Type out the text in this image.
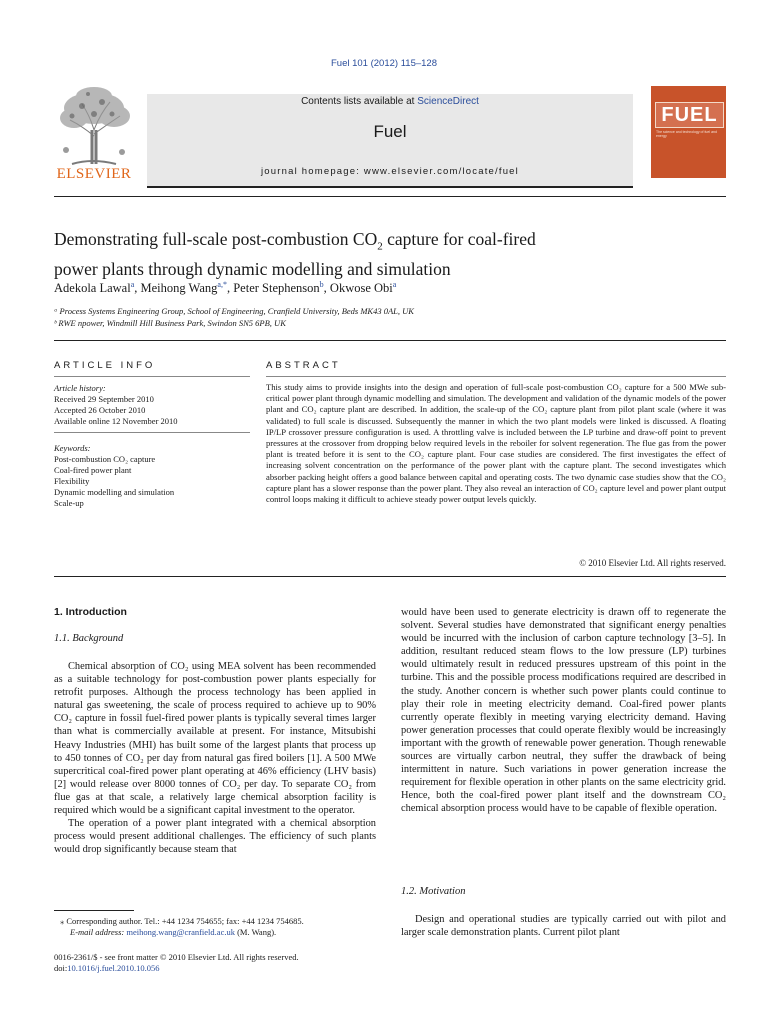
Fuel 101 (2012) 115–128
ELSEVIER
Contents lists available at ScienceDirect
Fuel
journal homepage: www.elsevier.com/locate/fuel
FUEL
The science and technology of fuel and energy
Demonstrating full-scale post-combustion $CO_2$ capture for coal-fired
power plants through dynamic modelling and simulation
Adekola Lawal$^a$, Meihong Wang$^{a,*}$, Peter Stephenson$^b$, Okwose Obi$^a$
ᵃ Process Systems Engineering Group, School of Engineering, Cranfield University, Beds MK43 0AL, UK
ᵇ RWE npower, Windmill Hill Business Park, Swindon SN5 6PB, UK
ARTICLE INFO
Article history:
Received 29 September 2010
Accepted 26 October 2010
Available online 12 November 2010
Keywords:
Post-combustion CO₂ capture
Coal-fired power plant
Flexibility
Dynamic modelling and simulation
Scale-up
ABSTRACT
This study aims to provide insights into the design and operation of full-scale post-combustion CO₂ capture for a 500 MWe sub-critical power plant through dynamic modelling and simulation. The development and validation of the dynamic models of the power plant and CO₂ capture plant are described. In addition, the scale-up of the CO₂ capture plant from pilot plant scale (where it was validated) to full scale is discussed. Subsequently the manner in which the two plant models were linked is discussed. A floating IP/LP crossover pressure configuration is used. A throttling valve is included between the LP turbine and draw-off point to prevent pressures at the crossover from dropping below required levels in the reboiler for solvent regeneration. The flue gas from the power plant is treated before it is sent to the CO₂ capture plant. Four case studies are considered. The first investigates the effect of increasing solvent concentration on the performance of the power plant with the capture plant. The second investigates which absorber packing height offers a good balance between capital and operating costs. The two dynamic case studies show that the CO₂ capture plant has a slower response than the power plant. They also reveal an interaction of CO₂ capture level and power plant output control loops making it difficult to achieve steady power output levels quickly.
© 2010 Elsevier Ltd. All rights reserved.
1. Introduction
1.1. Background

Chemical absorption of CO₂ using MEA solvent has been recommended as a suitable technology for post-combustion power plants especially for retrofit purposes. Although the process technology has been applied in natural gas sweetening, the scale of process required to achieve up to 90% CO₂ capture in fossil fuel-fired power plants is typically several times larger than what is commercially available at present. For instance, Mitsubishi Heavy Industries (MHI) has built some of the largest plants that process up to 450 tonnes of CO₂ per day from natural gas fired boilers [1]. A 500 MWe supercritical coal-fired power plant operating at 46% efficiency (LHV basis) [2] would release over 8000 tonnes of CO₂ per day. To separate CO₂ from flue gas at that scale, a relatively large chemical absorption facility is required which would be a significant capital investment to the operator.

The operation of a power plant integrated with a chemical absorption process would present additional challenges. The efficiency of such plants would drop significantly because steam that

would have been used to generate electricity is drawn off to regenerate the solvent. Several studies have demonstrated that significant energy penalties would be incurred with the inclusion of carbon capture technology [3–5]. In addition, resultant reduced steam flows to the low pressure (LP) turbines would ultimately result in reduced pressures upstream of this point in the turbine. This and the possible process modifications required are described in the study. Another concern is whether such power plants could continue to play their role in meeting electricity demand. Coal-fired power plants currently operate flexibly in meeting varying electricity demand. Having power generation processes that could operate flexibly would be increasingly important with the growth of renewable power generation. Though renewable sources are virtually carbon neutral, they suffer the drawback of being intermittent in nature. Such variations in power generation increase the requirement for flexible operation in other plants on the same electricity grid. Hence, both the coal-fired power plant itself and the downstream CO₂ chemical absorption process would have to be capable of flexible operation.

1.2. Motivation

Design and operational studies are typically carried out with pilot and larger scale demonstration plants. Current pilot plant

⁎ Corresponding author. Tel.: +44 1234 754655; fax: +44 1234 754685.
E-mail address: meihong.wang@cranfield.ac.uk (M. Wang).
0016-2361/$ - see front matter © 2010 Elsevier Ltd. All rights reserved.
doi:10.1016/j.fuel.2010.10.056
